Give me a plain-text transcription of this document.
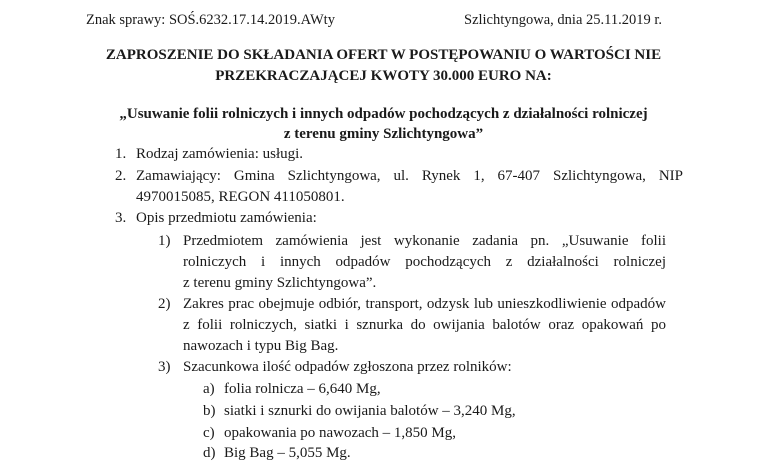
Znak sprawy: SOŚ.6232.17.14.2019.AWty	Szlichtyngowa, dnia 25.11.2019 r.
ZAPROSZENIE DO SKŁADANIA OFERT W POSTĘPOWANIU O WARTOŚCI NIE
PRZEKRACZAJĄCEJ KWOTY 30.000 EURO NA:
„Usuwanie folii rolniczych i innych odpadów pochodzących z działalności rolniczej
z terenu gminy Szlichtyngowa”
1. Rodzaj zamówienia: usługi.
2. Zamawiający: Gmina Szlichtyngowa, ul. Rynek 1, 67-407 Szlichtyngowa, NIP
4970015085, REGON 411050801.
3. Opis przedmiotu zamówienia:
1) Przedmiotem zamówienia jest wykonanie zadania pn. „Usuwanie folii
rolniczych i innych odpadów pochodzących z działalności rolniczej
z terenu gminy Szlichtyngowa”.
2) Zakres prac obejmuje odbiór, transport, odzysk lub unieszkodliwienie odpadów
z folii rolniczych, siatki i sznurka do owijania balotów oraz opakowań po
nawozach i typu Big Bag.
3) Szacunkowa ilość odpadów zgłoszona przez rolników:
a) folia rolnicza – 6,640 Mg,
b) siatki i sznurki do owijania balotów – 3,240 Mg,
c) opakowania po nawozach – 1,850 Mg,
d) Big Bag – 5,055 Mg.
